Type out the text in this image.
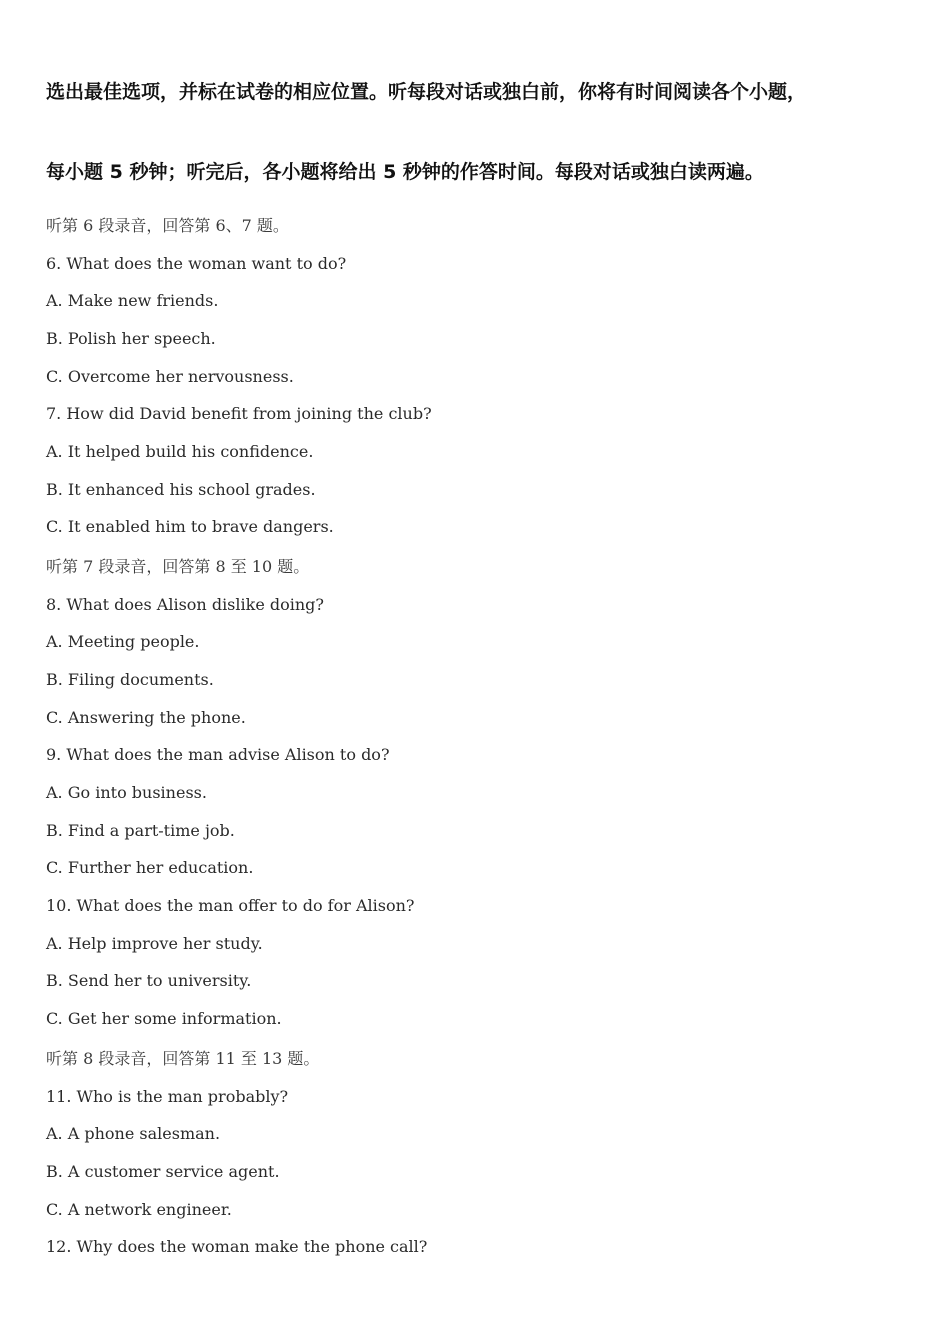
选出最佳选项，并标在试卷的相应位置。听每段对话或独白前，你将有时间阅读各个小题，
每小题 5 秒钟；听完后，各小题将给出 5 秒钟的作答时间。每段对话或独白读两遍。
听第 6 段录音，回答第 6、7 题。
6. What does the woman want to do?
A. Make new friends.
B. Polish her speech.
C. Overcome her nervousness.
7. How did David benefit from joining the club?
A. It helped build his confidence.
B. It enhanced his school grades.
C. It enabled him to brave dangers.
听第 7 段录音，回答第 8 至 10 题。
8. What does Alison dislike doing?
A. Meeting people.
B. Filing documents.
C. Answering the phone.
9. What does the man advise Alison to do?
A. Go into business.
B. Find a part-time job.
C. Further her education.
10. What does the man offer to do for Alison?
A. Help improve her study.
B. Send her to university.
C. Get her some information.
听第 8 段录音，回答第 11 至 13 题。
11. Who is the man probably?
A. A phone salesman.
B. A customer service agent.
C. A network engineer.
12. Why does the woman make the phone call?
